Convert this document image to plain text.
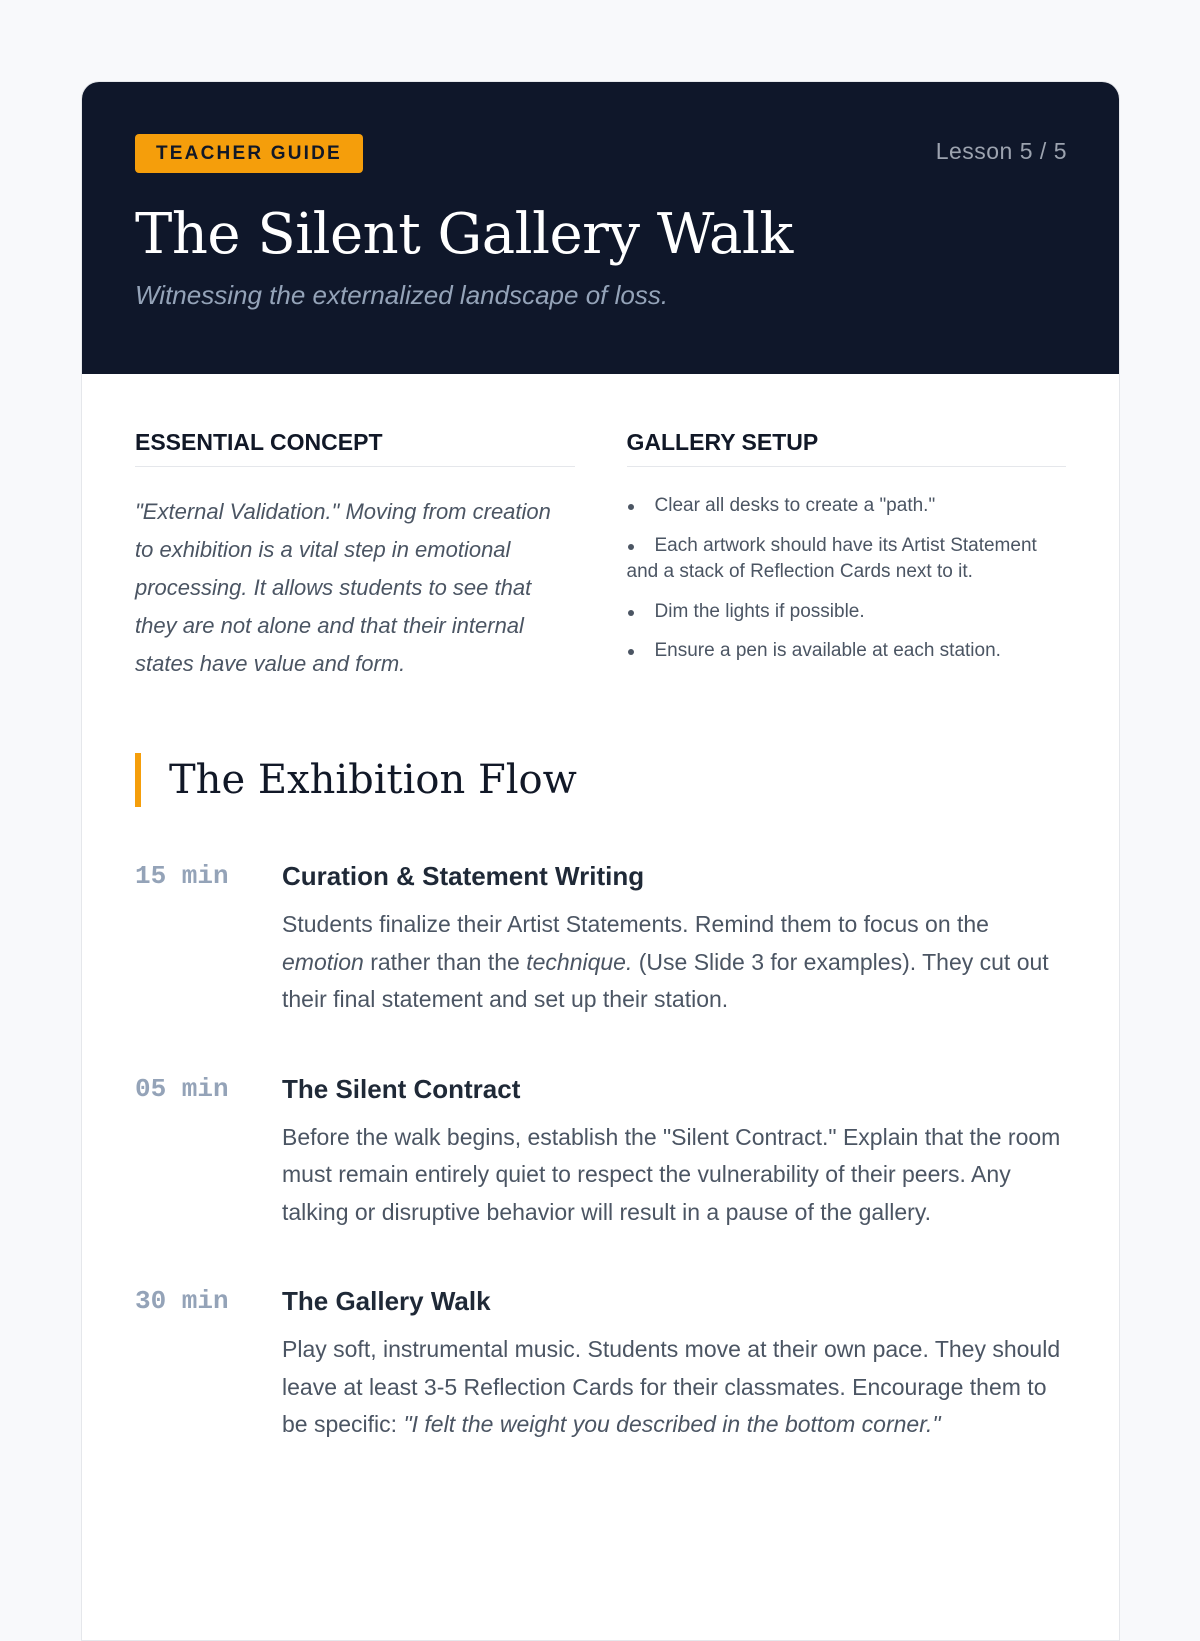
TEACHER GUIDE	Lesson 5 / 5
The Silent Gallery Walk

Witnessing the externalized landscape of loss.

ESSENTIAL CONCEPT

"External Validation." Moving from creation to exhibition is a vital step in emotional processing. It allows students to see that they are not alone and that their internal states have value and form.

GALLERY SETUP
Clear all desks to create a "path."
Each artwork should have its Artist Statement and a stack of Reflection Cards next to it.
Dim the lights if possible.
Ensure a pen is available at each station.
The Exhibition Flow
15 min	Curation & Statement Writing

Students finalize their Artist Statements. Remind them to focus on the emotion rather than the technique. (Use Slide 3 for examples). They cut out their final statement and set up their station.

05 min	The Silent Contract

Before the walk begins, establish the "Silent Contract." Explain that the room must remain entirely quiet to respect the vulnerability of their peers. Any talking or disruptive behavior will result in a pause of the gallery.

30 min	The Gallery Walk

Play soft, instrumental music. Students move at their own pace. They should leave at least 3-5 Reflection Cards for their classmates. Encourage them to be specific: "I felt the weight you described in the bottom corner."
